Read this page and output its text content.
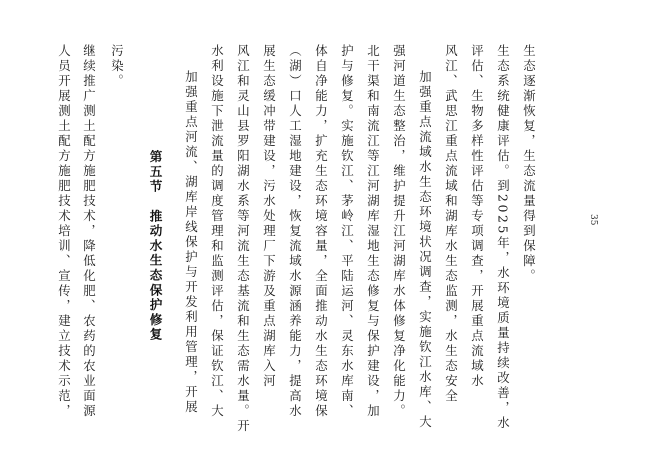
人员开展测土配方施肥技术培训、宣传，建立技术示范， 继续推广测土配方施肥技术，降低化肥、农药的农业面源 污染。
第五节　推动水生态保护修复 加强重点河流、湖库岸线保护与开发利用管理，开展 水利设施下泄流量的调度管理和监测评估，保证钦江、大 风江和灵山县罗阳湖水系等河流生态基流和生态需水量。开 展生态缓冲带建设，污水处理厂下游及重点湖库入河 （湖）口人工湿地建设，恢复流域水源涵养能力，提高水 体自净能力，扩充生态环境容量，全面推动水生态环境保 护与修复。实施钦江、茅岭江、平陆运河、灵东水库南、 北干渠和南流江等江河湖库湿地生态修复与保护建设，加 强河道生态整治，维护提升江河湖库水体修复净化能力。 加强重点流域水生态环境状况调查，实施钦江水库、大 风江、武思江重点流域和湖库水生态监测，水生态安全 评估、生物多样性评估等专项调查，开展重点流域水 生态系统健康评估。到2025年，水环境质量持续改善，水 生态逐渐恢复，生态流量得到保障。	35
